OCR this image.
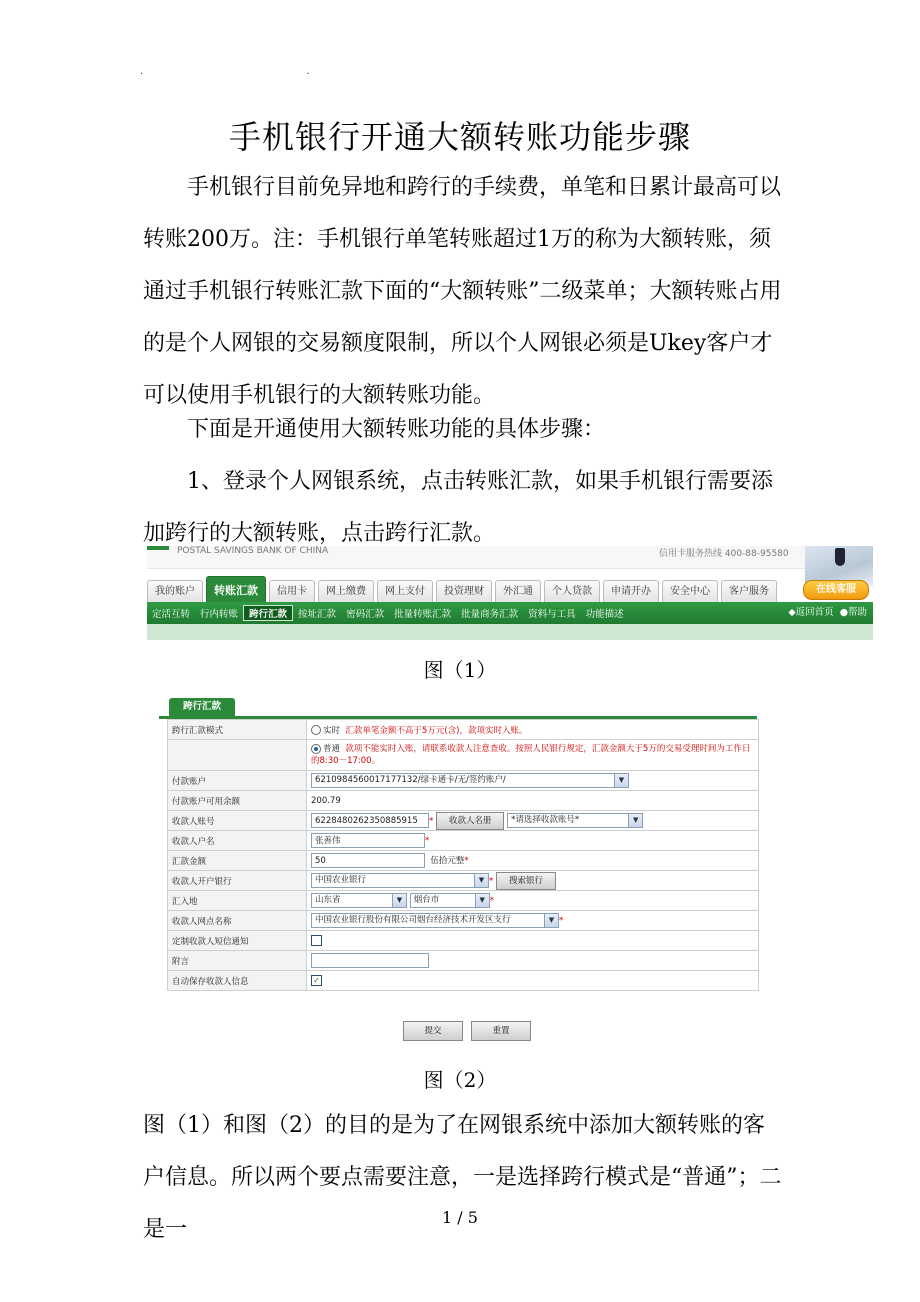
. .
手机银行开通大额转账功能步骤

手机银行目前免异地和跨行的手续费，单笔和日累计最高可以转账200万。注：手机银行单笔转账超过1万的称为大额转账，须通过手机银行转账汇款下面的“大额转账”二级菜单；大额转账占用的是个人网银的交易额度限制，所以个人网银必须是Ukey客户才可以使用手机银行的大额转账功能。

下面是开通使用大额转账功能的具体步骤：

1、登录个人网银系统，点击转账汇款，如果手机银行需要添加跨行的大额转账，点击跨行汇款。

POSTAL SAVINGS BANK OF CHINA	信用卡服务热线 400-88-95580
我的账户	转账汇款	信用卡	网上缴费	网上支付	投资理财	外汇通	个人贷款	申请开办	安全中心	客户服务	在线客服
定活互转	行内转账	跨行汇款	按址汇款	密码汇款	批量转账汇款	批量商务汇款	资料与工具	功能描述	◆返回首页 ●帮助
图（1）
跨行汇款
跨行汇款模式	实时 汇款单笔金额不高于5万元(含)，款项实时入账。
	普通 款项不能实时入账，请联系收款人注意查收。按照人民银行规定，汇款金额大于5万的交易受理时间为工作日的8:30－17:00。
付款账户	6210984560017177132/绿卡通卡/无/签约账户/ ▼

付款账户可用余额	200.79
收款人账号	6228480262350885915 * 收款人名册 *请选择收款账号* ▼

收款人户名	张善伟 *
汇款金额	50 伍拾元整*
收款人开户银行	中国农业银行 ▼ * 搜索银行
汇入地	山东省 ▼ 烟台市 ▼ *
收款人网点名称	中国农业银行股份有限公司烟台经济技术开发区支行 ▼ *
定制收款人短信通知	
附言	
自动保存收款人信息	✓
提交	重置
图（2）

图（1）和图（2）的目的是为了在网银系统中添加大额转账的客户信息。所以两个要点需要注意，一是选择跨行模式是“普通”；二是一	1 / 5
